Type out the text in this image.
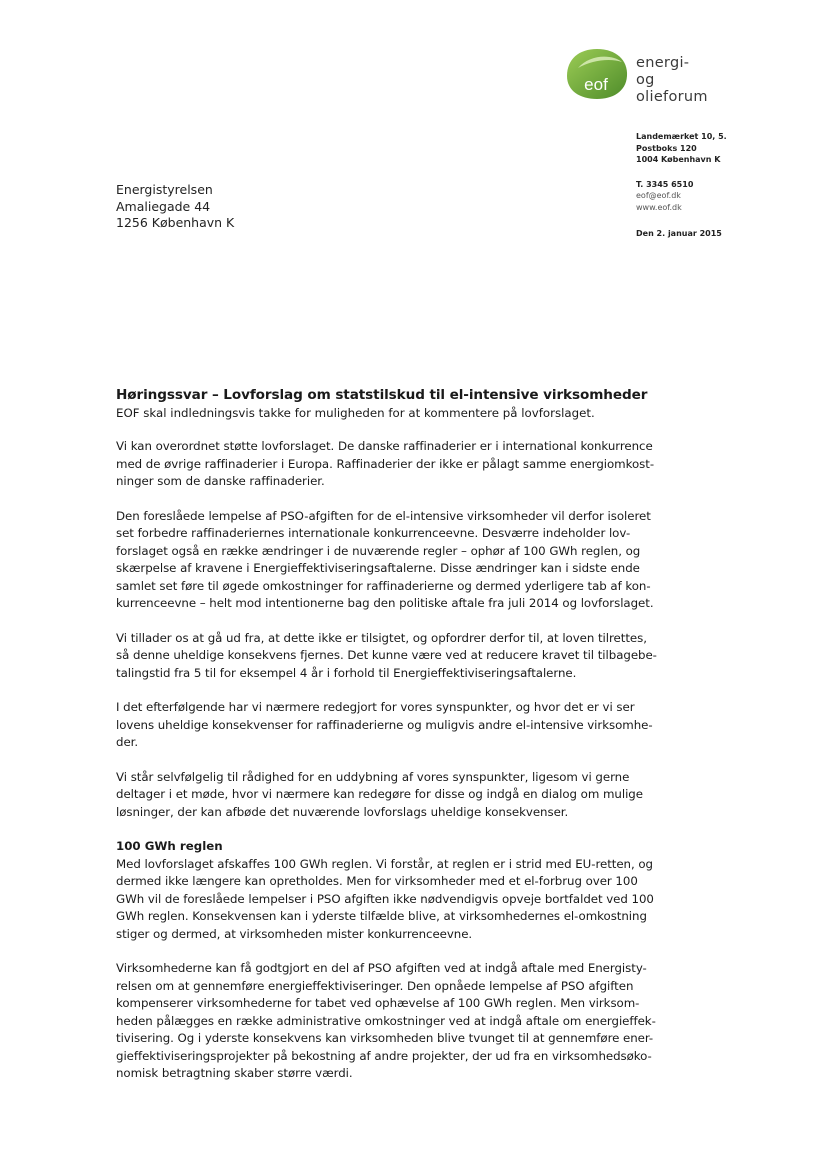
eof
energi-
og olieforum
Landemærket 10, 5.
Postboks 120
1004 København K
T. 3345 6510
eof@eof.dk
www.eof.dk
Den 2. januar 2015
Energistyrelsen
Amaliegade 44
1256 København K

Høringssvar – Lovforslag om statstilskud til el-intensive virksomheder

EOF skal indledningsvis takke for muligheden for at kommentere på lovforslaget.

Vi kan overordnet støtte lovforslaget. De danske raffinaderier er i international konkurrence
med de øvrige raffinaderier i Europa. Raffinaderier der ikke er pålagt samme energiomkost-
ninger som de danske raffinaderier.
Den foreslåede lempelse af PSO-afgiften for de el-intensive virksomheder vil derfor isoleret
set forbedre raffinaderiernes internationale konkurrenceevne. Desværre indeholder lov-
forslaget også en række ændringer i de nuværende regler – ophør af 100 GWh reglen, og
skærpelse af kravene i Energieffektiviseringsaftalerne. Disse ændringer kan i sidste ende
samlet set føre til øgede omkostninger for raffinaderierne og dermed yderligere tab af kon-
kurrenceevne – helt mod intentionerne bag den politiske aftale fra juli 2014 og lovforslaget.
Vi tillader os at gå ud fra, at dette ikke er tilsigtet, og opfordrer derfor til, at loven tilrettes,
så denne uheldige konsekvens fjernes. Det kunne være ved at reducere kravet til tilbagebe-
talingstid fra 5 til for eksempel 4 år i forhold til Energieffektiviseringsaftalerne.
I det efterfølgende har vi nærmere redegjort for vores synspunkter, og hvor det er vi ser
lovens uheldige konsekvenser for raffinaderierne og muligvis andre el-intensive virksomhe-
der.
Vi står selvfølgelig til rådighed for en uddybning af vores synspunkter, ligesom vi gerne
deltager i et møde, hvor vi nærmere kan redegøre for disse og indgå en dialog om mulige
løsninger, der kan afbøde det nuværende lovforslags uheldige konsekvenser.

100 GWh reglen

Med lovforslaget afskaffes 100 GWh reglen. Vi forstår, at reglen er i strid med EU-retten, og
dermed ikke længere kan opretholdes. Men for virksomheder med et el-forbrug over 100
GWh vil de foreslåede lempelser i PSO afgiften ikke nødvendigvis opveje bortfaldet ved 100
GWh reglen. Konsekvensen kan i yderste tilfælde blive, at virksomhedernes el-omkostning
stiger og dermed, at virksomheden mister konkurrenceevne.
Virksomhederne kan få godtgjort en del af PSO afgiften ved at indgå aftale med Energisty-
relsen om at gennemføre energieffektiviseringer. Den opnåede lempelse af PSO afgiften
kompenserer virksomhederne for tabet ved ophævelse af 100 GWh reglen. Men virksom-
heden pålægges en række administrative omkostninger ved at indgå aftale om energieffek-
tivisering. Og i yderste konsekvens kan virksomheden blive tvunget til at gennemføre ener-
gieffektiviseringsprojekter på bekostning af andre projekter, der ud fra en virksomhedsøko-
nomisk betragtning skaber større værdi.
